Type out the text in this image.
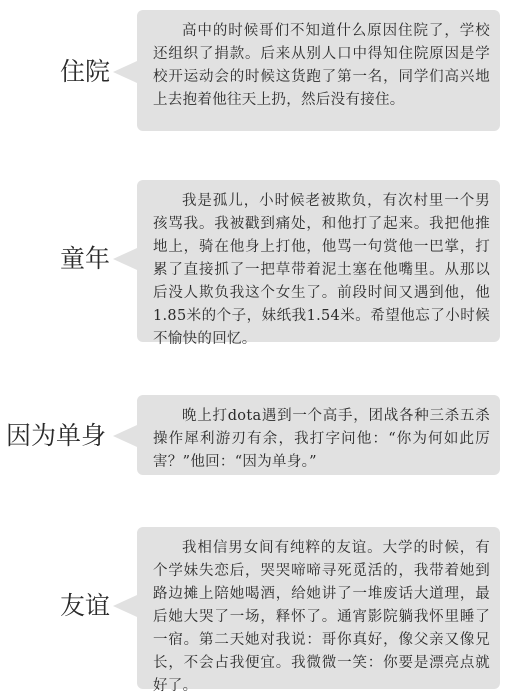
住院
高中的时候哥们不知道什么原因住院了，学校还组织了捐款。后来从别人口中得知住院原因是学校开运动会的时候这货跑了第一名，同学们高兴地上去抱着他往天上扔，然后没有接住。
童年
我是孤儿，小时候老被欺负，有次村里一个男孩骂我。我被戳到痛处，和他打了起来。我把他推地上，骑在他身上打他，他骂一句赏他一巴掌，打累了直接抓了一把草带着泥土塞在他嘴里。从那以后没人欺负我这个女生了。前段时间又遇到他，他1.85米的个子，妹纸我1.54米。希望他忘了小时候不愉快的回忆。
因为单身
晚上打dota遇到一个高手，团战各种三杀五杀操作犀利游刃有余，我打字问他：“你为何如此厉害？”他回：“因为单身。”
友谊
我相信男女间有纯粹的友谊。大学的时候，有个学妹失恋后，哭哭啼啼寻死觅活的，我带着她到路边摊上陪她喝酒，给她讲了一堆废话大道理，最后她大哭了一场，释怀了。通宵影院躺我怀里睡了一宿。第二天她对我说：哥你真好，像父亲又像兄长，不会占我便宜。我微微一笑：你要是漂亮点就好了。
